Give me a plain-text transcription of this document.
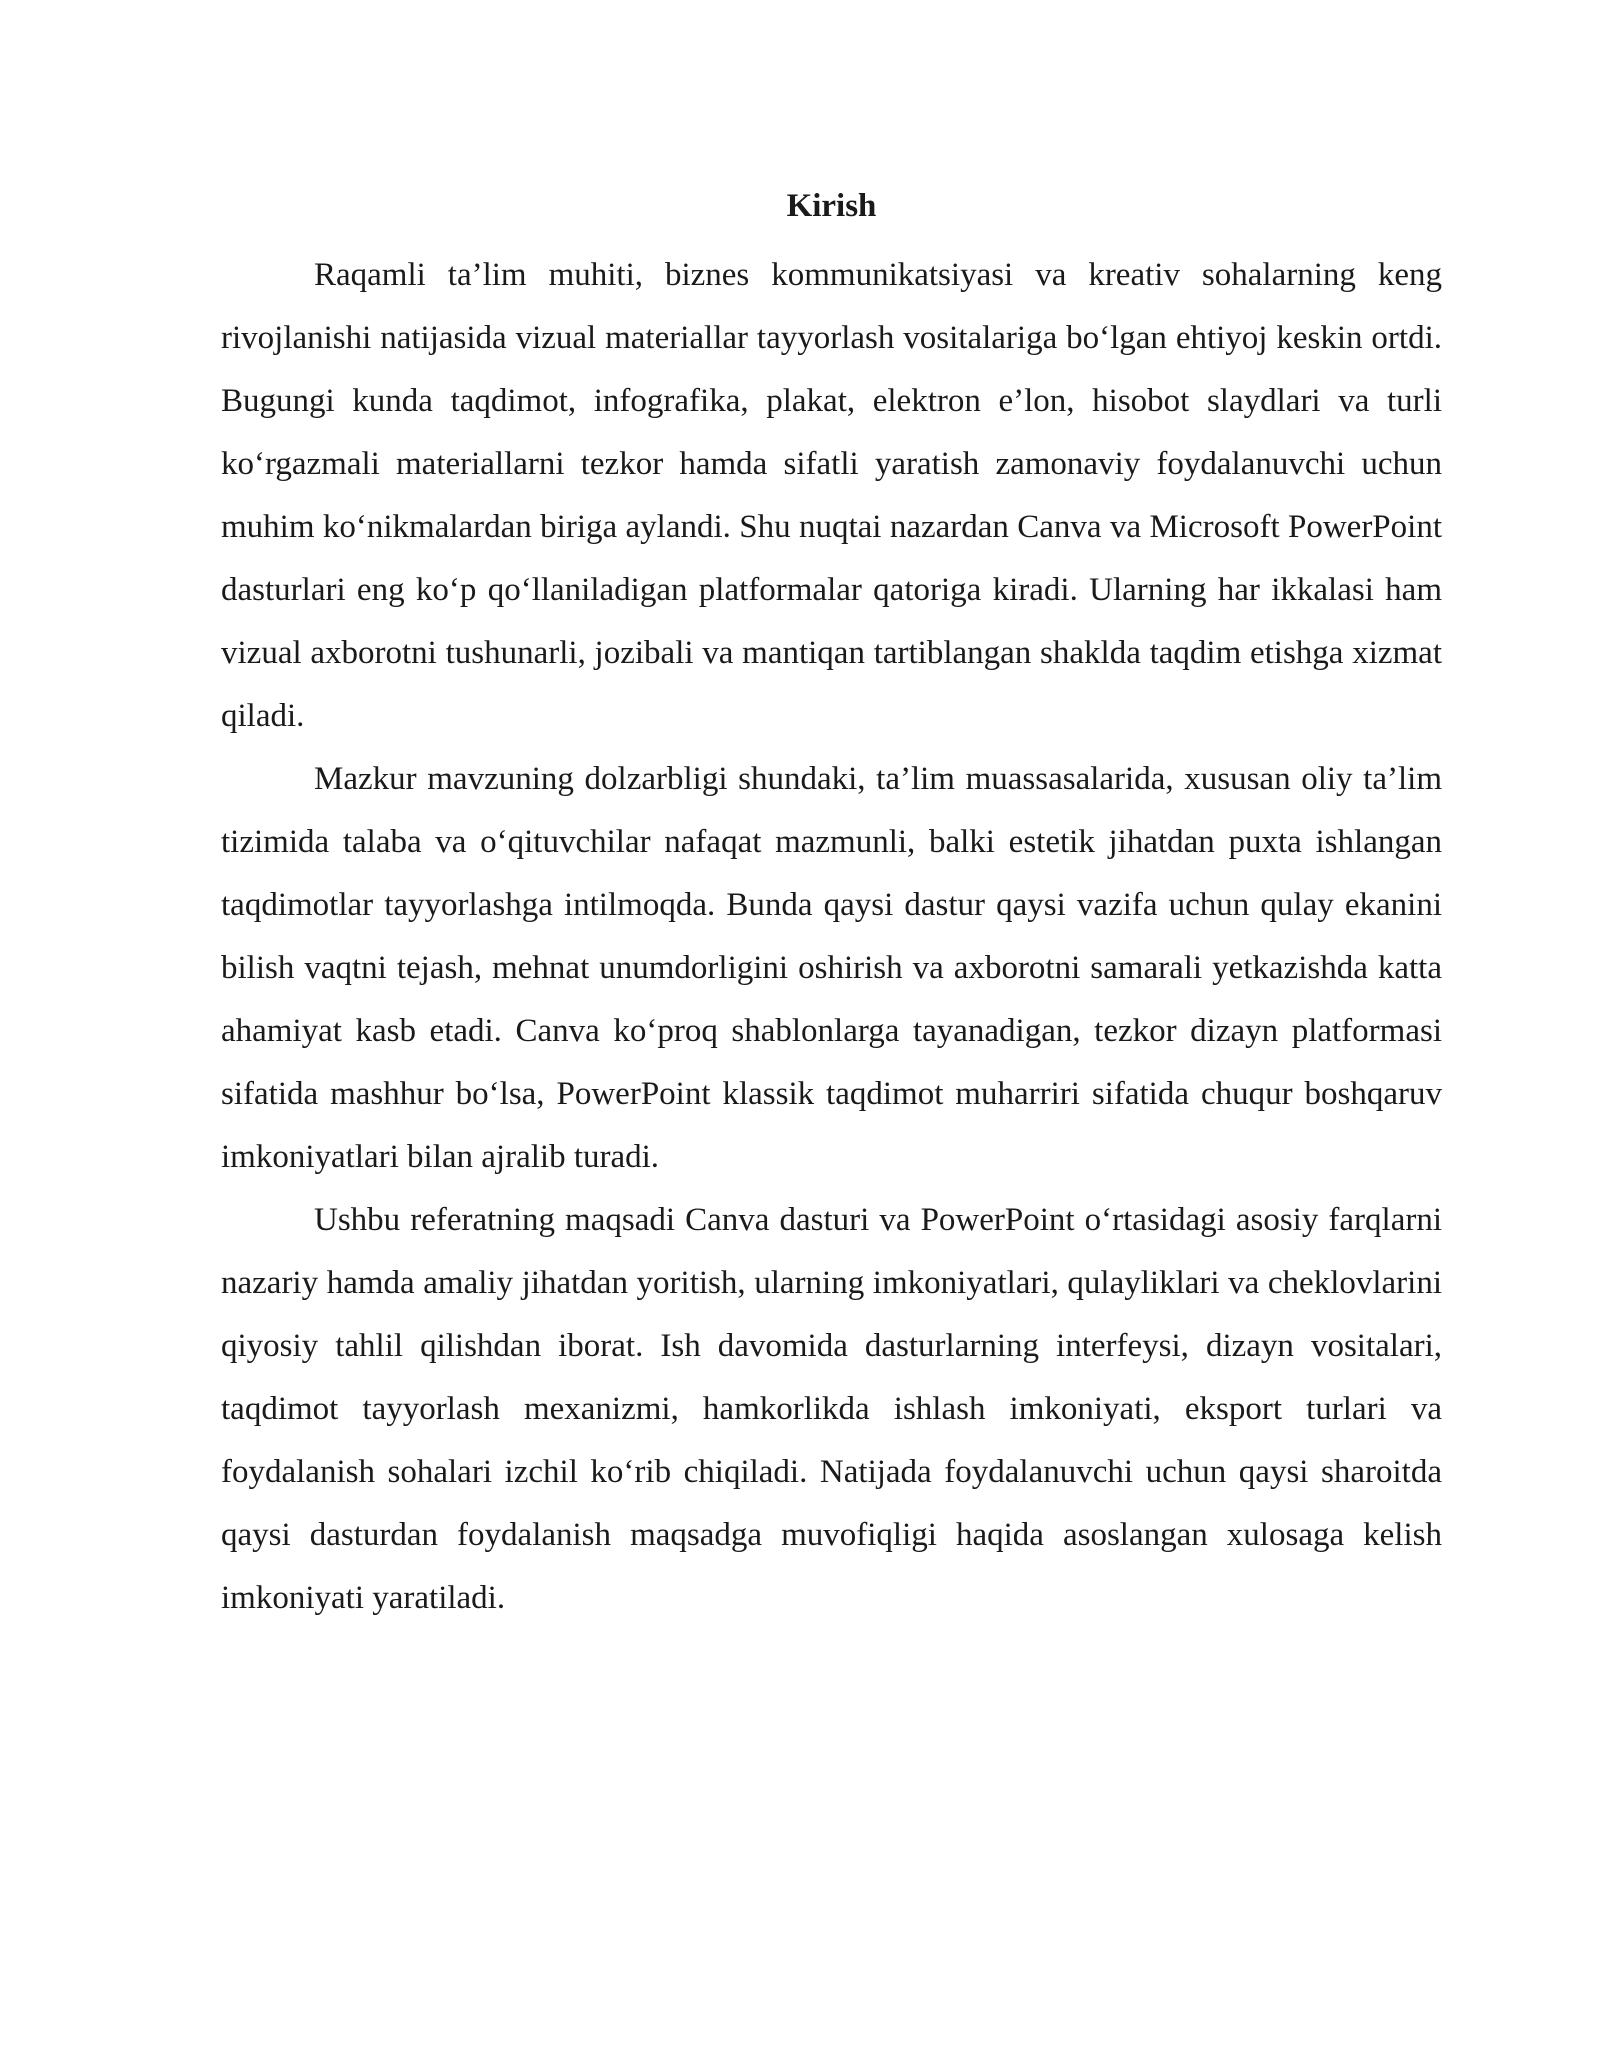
Kirish

Raqamli ta’lim muhiti, biznes kommunikatsiyasi va kreativ sohalarning keng rivojlanishi natijasida vizual materiallar tayyorlash vositalariga bo‘lgan ehtiyoj keskin ortdi. Bugungi kunda taqdimot, infografika, plakat, elektron e’lon, hisobot slaydlari va turli ko‘rgazmali materiallarni tezkor hamda sifatli yaratish zamonaviy foydalanuvchi uchun muhim ko‘nikmalardan biriga aylandi. Shu nuqtai nazardan Canva va Microsoft PowerPoint dasturlari eng ko‘p qo‘llaniladigan platformalar qatoriga kiradi. Ularning har ikkalasi ham vizual axborotni tushunarli, jozibali va mantiqan tartiblangan shaklda taqdim etishga xizmat qiladi.

Mazkur mavzuning dolzarbligi shundaki, ta’lim muassasalarida, xususan oliy ta’lim tizimida talaba va o‘qituvchilar nafaqat mazmunli, balki estetik jihatdan puxta ishlangan taqdimotlar tayyorlashga intilmoqda. Bunda qaysi dastur qaysi vazifa uchun qulay ekanini bilish vaqtni tejash, mehnat unumdorligini oshirish va axborotni samarali yetkazishda katta ahamiyat kasb etadi. Canva ko‘proq shablonlarga tayanadigan, tezkor dizayn platformasi sifatida mashhur bo‘lsa, PowerPoint klassik taqdimot muharriri sifatida chuqur boshqaruv imkoniyatlari bilan ajralib turadi.

Ushbu referatning maqsadi Canva dasturi va PowerPoint o‘rtasidagi asosiy farqlarni nazariy hamda amaliy jihatdan yoritish, ularning imkoniyatlari, qulayliklari va cheklovlarini qiyosiy tahlil qilishdan iborat. Ish davomida dasturlarning interfeysi, dizayn vositalari, taqdimot tayyorlash mexanizmi, hamkorlikda ishlash imkoniyati, eksport turlari va foydalanish sohalari izchil ko‘rib chiqiladi. Natijada foydalanuvchi uchun qaysi sharoitda qaysi dasturdan foydalanish maqsadga muvofiqligi haqida asoslangan xulosaga kelish imkoniyati yaratiladi.
